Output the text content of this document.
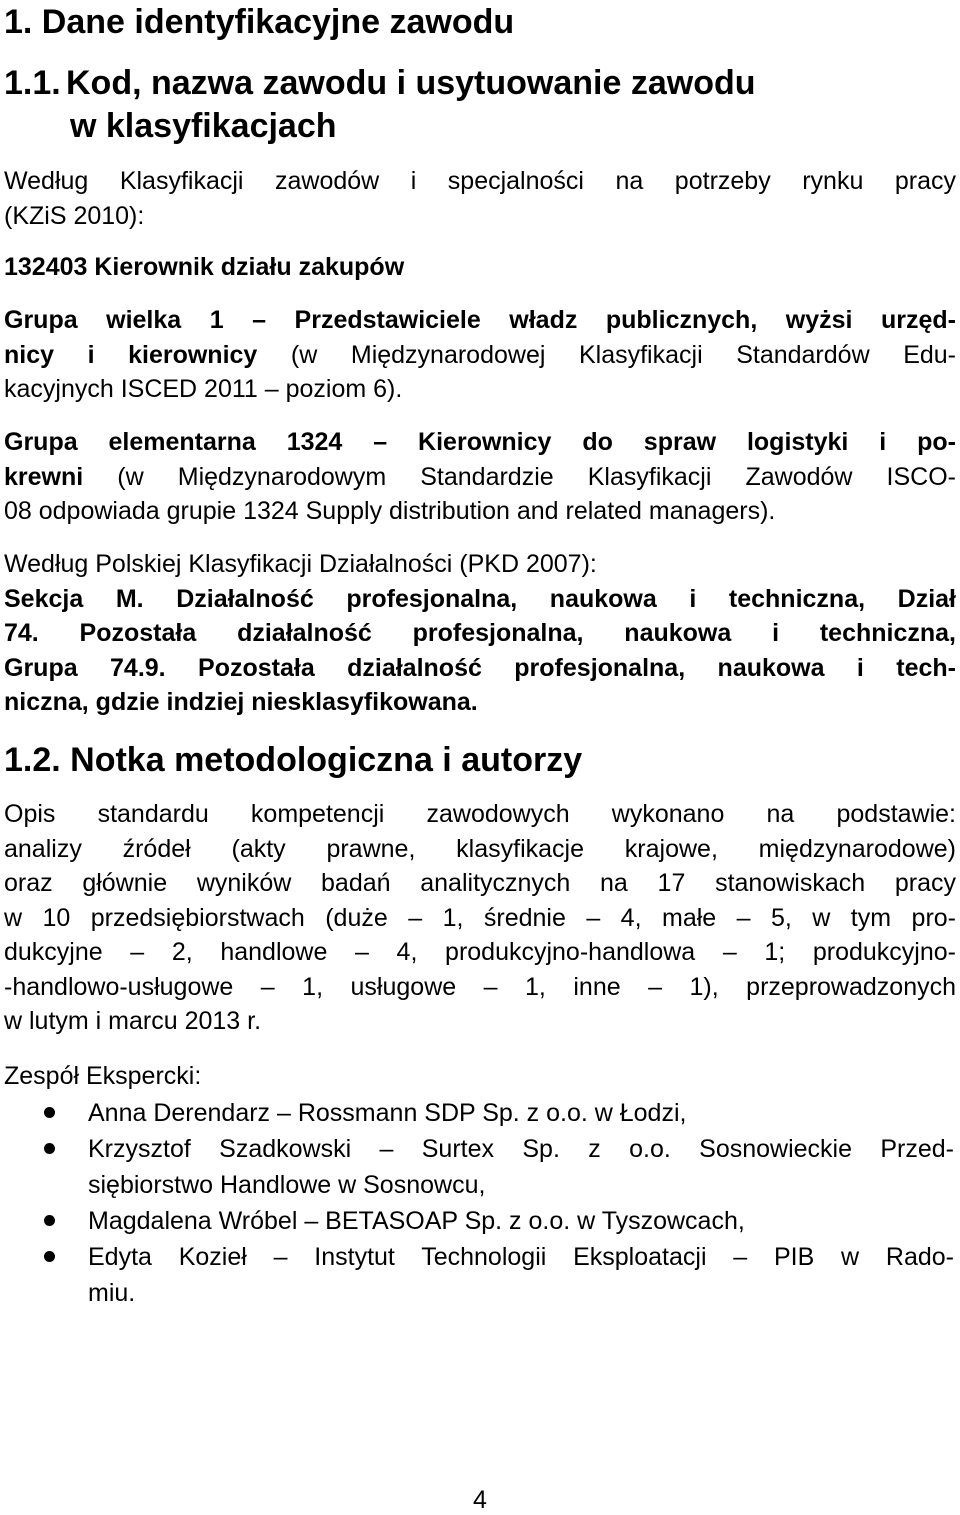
1. Dane identyfikacyjne zawodu
1.1. Kod, nazwa zawodu i usytuowanie zawodu
w klasyfikacjach
Według Klasyfikacji zawodów i specjalności na potrzeby rynku pracy
(KZiS 2010):
132403 Kierownik działu zakupów
Grupa wielka 1 – Przedstawiciele władz publicznych, wyżsi urzęd-
nicy i kierownicy (w Międzynarodowej Klasyfikacji Standardów Edu-
kacyjnych ISCED 2011 – poziom 6).
Grupa elementarna 1324 – Kierownicy do spraw logistyki i po-
krewni (w Międzynarodowym Standardzie Klasyfikacji Zawodów ISCO-
08 odpowiada grupie 1324 Supply distribution and related managers).
Według Polskiej Klasyfikacji Działalności (PKD 2007):
Sekcja M. Działalność profesjonalna, naukowa i techniczna, Dział
74. Pozostała działalność profesjonalna, naukowa i techniczna,
Grupa 74.9. Pozostała działalność profesjonalna, naukowa i tech-
niczna, gdzie indziej niesklasyfikowana.
1.2. Notka metodologiczna i autorzy
Opis standardu kompetencji zawodowych wykonano na podstawie:
analizy źródeł (akty prawne, klasyfikacje krajowe, międzynarodowe)
oraz głównie wyników badań analitycznych na 17 stanowiskach pracy
w 10 przedsiębiorstwach (duże – 1, średnie – 4, małe – 5, w tym pro-
dukcyjne – 2, handlowe – 4, produkcyjno-handlowa – 1; produkcyjno-
-handlowo-usługowe – 1, usługowe – 1, inne – 1), przeprowadzonych
w lutym i marcu 2013 r.
Zespół Ekspercki:
Anna Derendarz – Rossmann SDP Sp. z o.o. w Łodzi,
Krzysztof Szadkowski – Surtex Sp. z o.o. Sosnowieckie Przed-
siębiorstwo Handlowe w Sosnowcu,
Magdalena Wróbel – BETASOAP Sp. z o.o. w Tyszowcach,
Edyta Kozieł – Instytut Technologii Eksploatacji – PIB w Rado-
miu.
4
